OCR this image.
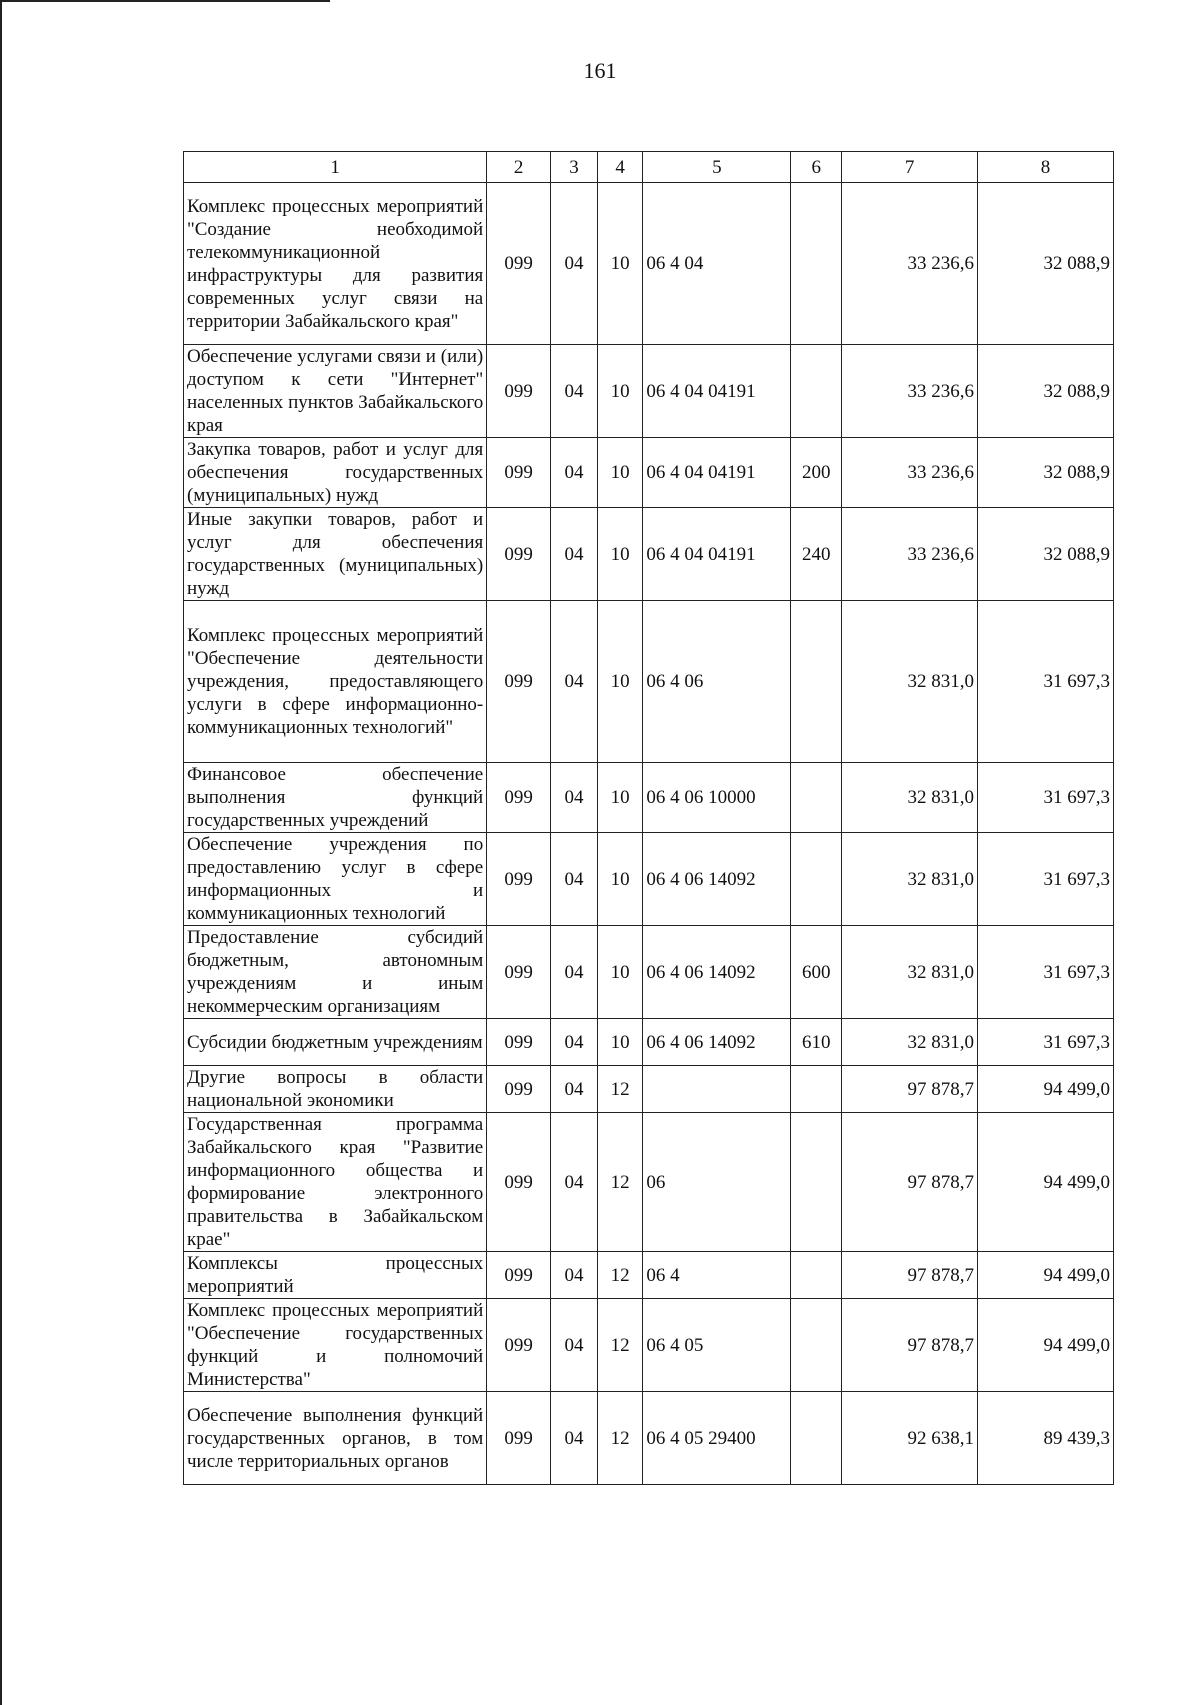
161
1	2	3	4	5	6	7	8
Комплекс процессных мероприятий "Создание необходимой телекоммуникационной инфраструктуры для развития современных услуг связи на территории Забайкальского края"	099	04	10	06 4 04		33 236,6	32 088,9
Обеспечение услугами связи и (или) доступом к сети "Интернет" населенных пунктов Забайкальского края	099	04	10	06 4 04 04191		33 236,6	32 088,9
Закупка товаров, работ и услуг для обеспечения государственных (муниципальных) нужд	099	04	10	06 4 04 04191	200	33 236,6	32 088,9
Иные закупки товаров, работ и услуг для обеспечения государственных (муниципальных) нужд	099	04	10	06 4 04 04191	240	33 236,6	32 088,9
Комплекс процессных мероприятий "Обеспечение деятельности учреждения, предоставляющего услуги в сфере информационно-коммуникационных технологий"	099	04	10	06 4 06		32 831,0	31 697,3
Финансовое обеспечение выполнения функций государственных учреждений	099	04	10	06 4 06 10000		32 831,0	31 697,3
Обеспечение учреждения по предоставлению услуг в сфере информационных и коммуникационных технологий	099	04	10	06 4 06 14092		32 831,0	31 697,3
Предоставление субсидий бюджетным, автономным учреждениям и иным некоммерческим организациям	099	04	10	06 4 06 14092	600	32 831,0	31 697,3
Субсидии бюджетным учреждениям	099	04	10	06 4 06 14092	610	32 831,0	31 697,3
Другие вопросы в области национальной экономики	099	04	12			97 878,7	94 499,0
Государственная программа Забайкальского края "Развитие информационного общества и формирование электронного правительства в Забайкальском крае"	099	04	12	06		97 878,7	94 499,0
Комплексы процессных мероприятий	099	04	12	06 4		97 878,7	94 499,0
Комплекс процессных мероприятий "Обеспечение государственных функций и полномочий Министерства"	099	04	12	06 4 05		97 878,7	94 499,0
Обеспечение выполнения функций государственных органов, в том числе территориальных органов	099	04	12	06 4 05 29400		92 638,1	89 439,3
